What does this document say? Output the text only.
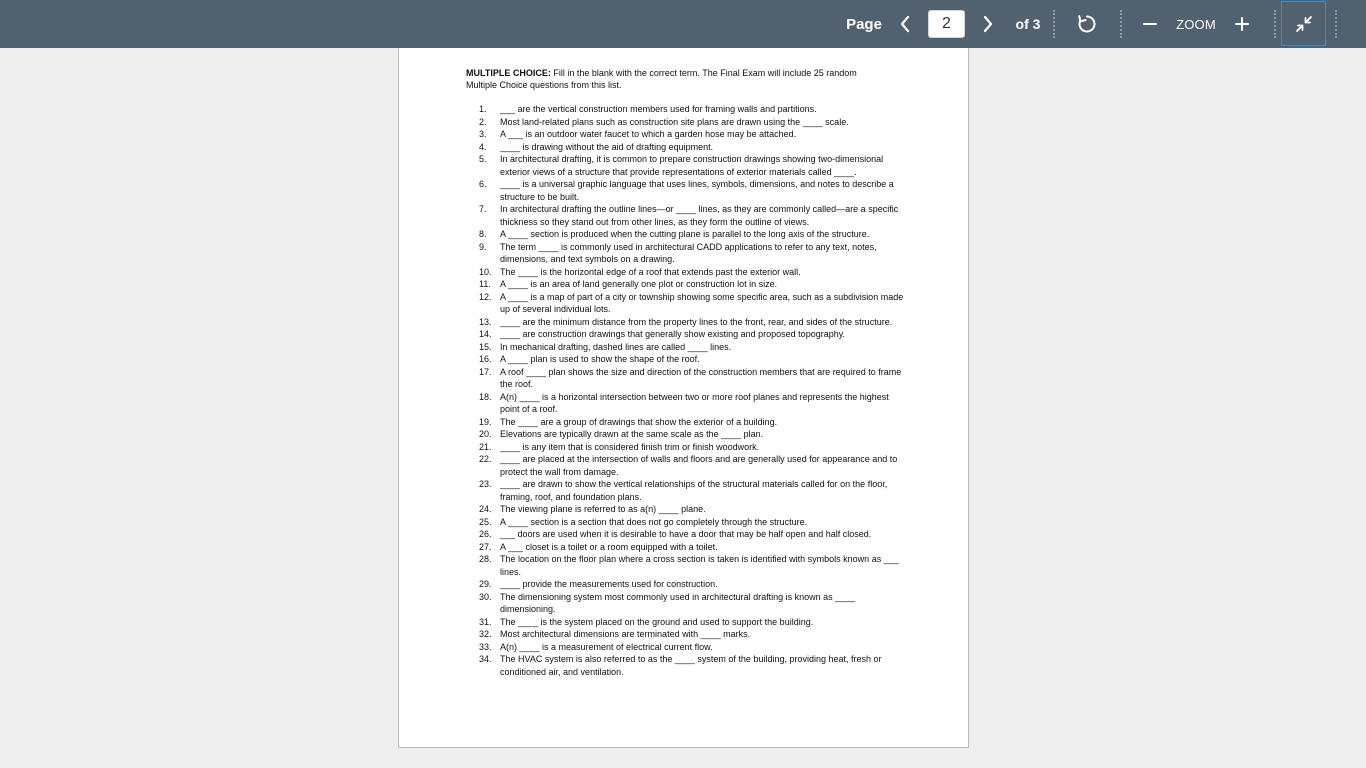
Page
2	of 3	ZOOM
MULTIPLE CHOICE: Fill in the blank with the correct term. The Final Exam will include 25 random Multiple Choice questions from this list.
1. ___ are the vertical construction members used for framing walls and partitions.
2. Most land-related plans such as construction site plans are drawn using the ____ scale.
3. A ___ is an outdoor water faucet to which a garden hose may be attached.
4. ____ is drawing without the aid of drafting equipment.
5. In architectural drafting, it is common to prepare construction drawings showing two-dimensional exterior views of a structure that provide representations of exterior materials called ____.
6. ____ is a universal graphic language that uses lines, symbols, dimensions, and notes to describe a structure to be built.
7. In architectural drafting the outline lines—or ____ lines, as they are commonly called—are a specific thickness so they stand out from other lines, as they form the outline of views.
8. A ____ section is produced when the cutting plane is parallel to the long axis of the structure.
9. The term ____ is commonly used in architectural CADD applications to refer to any text, notes, dimensions, and text symbols on a drawing.
10. The ____ is the horizontal edge of a roof that extends past the exterior wall.
11. A ____ is an area of land generally one plot or construction lot in size.
12. A ____ is a map of part of a city or township showing some specific area, such as a subdivision made up of several individual lots.
13. ____ are the minimum distance from the property lines to the front, rear, and sides of the structure.
14. ____ are construction drawings that generally show existing and proposed topography.
15. In mechanical drafting, dashed lines are called ____ lines.
16. A ____ plan is used to show the shape of the roof.
17. A roof ____ plan shows the size and direction of the construction members that are required to frame the roof.
18. A(n) ____ is a horizontal intersection between two or more roof planes and represents the highest point of a roof.
19. The ____ are a group of drawings that show the exterior of a building.
20. Elevations are typically drawn at the same scale as the ____ plan.
21. ____ is any item that is considered finish trim or finish woodwork.
22. ____ are placed at the intersection of walls and floors and are generally used for appearance and to protect the wall from damage.
23. ____ are drawn to show the vertical relationships of the structural materials called for on the floor, framing, roof, and foundation plans.
24. The viewing plane is referred to as a(n) ____ plane.
25. A ____ section is a section that does not go completely through the structure.
26. ___ doors are used when it is desirable to have a door that may be half open and half closed.
27. A ___ closet is a toilet or a room equipped with a toilet.
28. The location on the floor plan where a cross section is taken is identified with symbols known as ___ lines.
29. ____ provide the measurements used for construction.
30. The dimensioning system most commonly used in architectural drafting is known as ____ dimensioning.
31. The ____ is the system placed on the ground and used to support the building.
32. Most architectural dimensions are terminated with ____ marks.
33. A(n) ____ is a measurement of electrical current flow.
34. The HVAC system is also referred to as the ____ system of the building, providing heat, fresh or conditioned air, and ventilation.
